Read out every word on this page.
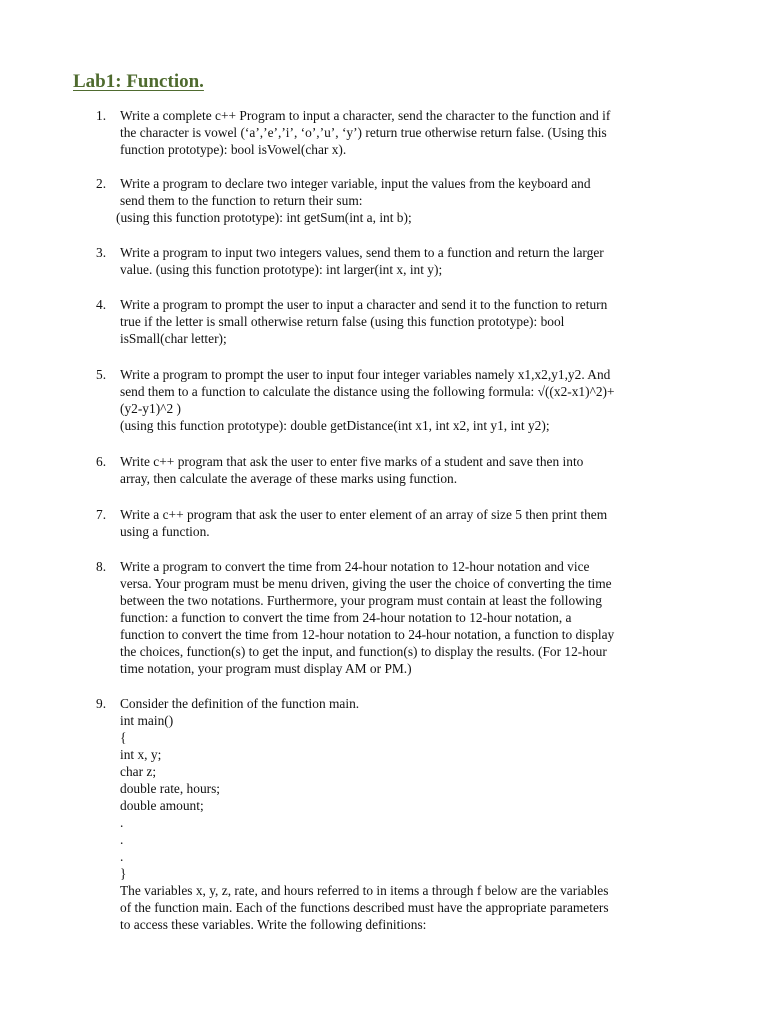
Lab1: Function.
1.	Write a complete c++ Program to input a character, send the character to the function and if
the character is vowel (‘a’,’e’,’i’, ‘o’,’u’, ‘y’) return true otherwise return false. (Using this
function prototype): bool isVowel(char x).
2.	Write a program to declare two integer variable, input the values from the keyboard and
send them to the function to return their sum:
(using this function prototype): int getSum(int a, int b);
3.	Write a program to input two integers values, send them to a function and return the larger
value. (using this function prototype): int larger(int x, int y);
4.	Write a program to prompt the user to input a character and send it to the function to return
true if the letter is small otherwise return false (using this function prototype): bool
isSmall(char letter);
5.	Write a program to prompt the user to input four integer variables namely x1,x2,y1,y2. And
send them to a function to calculate the distance using the following formula: √((x2-x1)^2)+
(y2-y1)^2 )
(using this function prototype): double getDistance(int x1, int x2, int y1, int y2);
6.	Write c++ program that ask the user to enter five marks of a student and save then into
array, then calculate the average of these marks using function.
7.	Write a c++ program that ask the user to enter element of an array of size 5 then print them
using a function.
8.	Write a program to convert the time from 24-hour notation to 12-hour notation and vice
versa. Your program must be menu driven, giving the user the choice of converting the time
between the two notations. Furthermore, your program must contain at least the following
function: a function to convert the time from 24-hour notation to 12-hour notation, a
function to convert the time from 12-hour notation to 24-hour notation, a function to display
the choices, function(s) to get the input, and function(s) to display the results. (For 12-hour
time notation, your program must display AM or PM.)
9.	Consider the definition of the function main.
int main()
{
int x, y;
char z;
double rate, hours;
double amount;
.
.
.
}
The variables x, y, z, rate, and hours referred to in items a through f below are the variables
of the function main. Each of the functions described must have the appropriate parameters
to access these variables. Write the following definitions:
